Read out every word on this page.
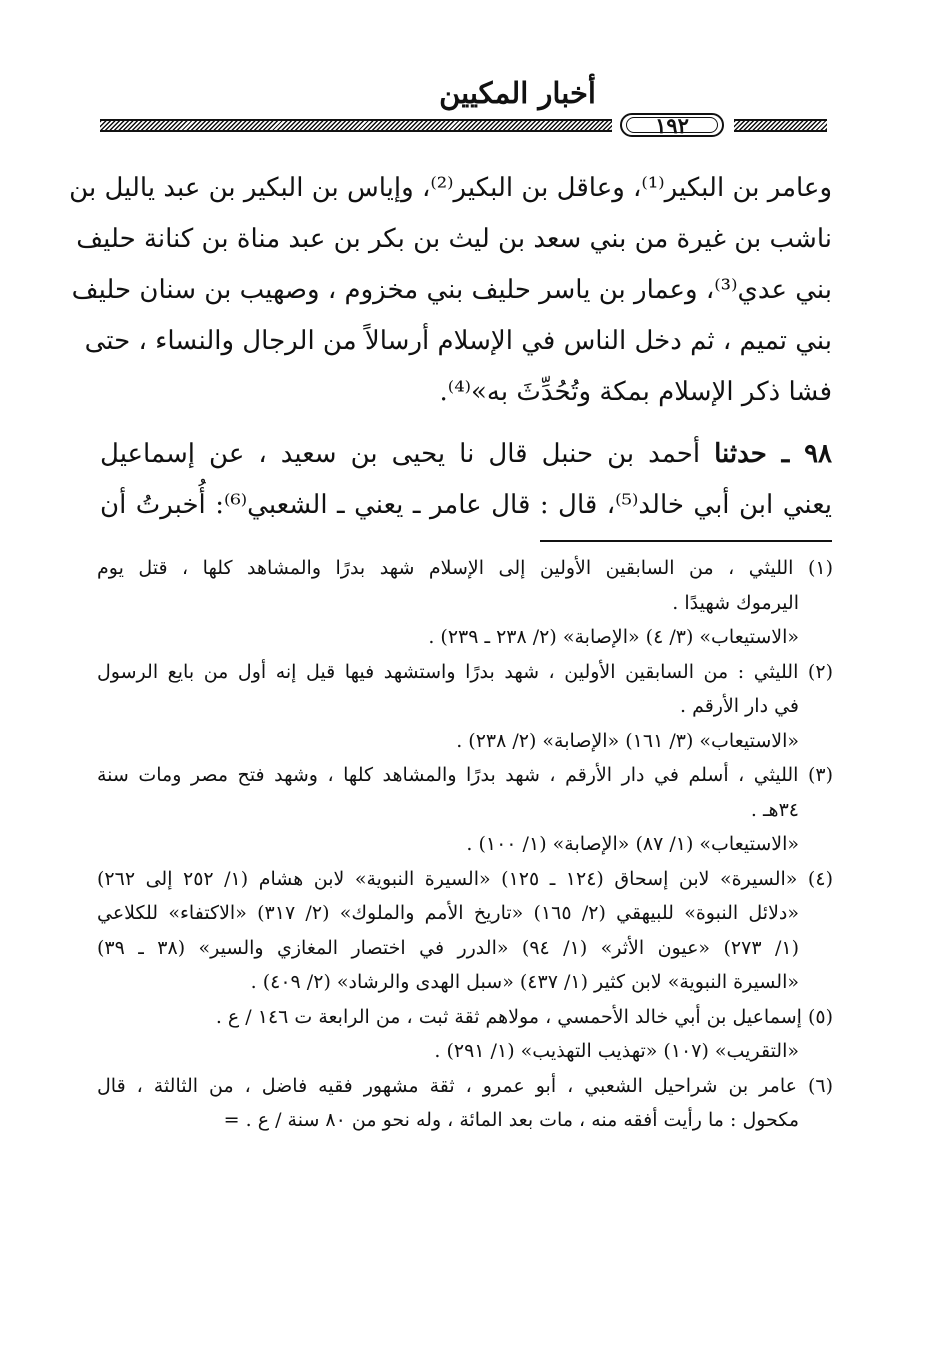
أخبار المكيين
١٩٢
وعامر بن البكير⁽¹⁾، وعاقل بن البكير⁽²⁾، وإياس بن البكير بن عبد ياليل بن
ناشب بن غيرة من بني سعد بن ليث بن بكر بن عبد مناة بن كنانة حليف
بني عدي⁽³⁾، وعمار بن ياسر حليف بني مخزوم ، وصهيب بن سنان حليف
بني تميم ، ثم دخل الناس في الإسلام أرسالاً من الرجال والنساء ، حتى
فشا ذكر الإسلام بمكة وتُحُدِّثَ به»⁽⁴⁾.
٩٨ ـ حدثنا أحمد بن حنبل قال نا يحيى بن سعيد ، عن إسماعيل
يعني ابن أبي خالد⁽⁵⁾، قال : قال عامر ـ يعني ـ الشعبي⁽⁶⁾: أُخبرتُ أن
(١) الليثي ، من السابقين الأولين إلى الإسلام شهد بدرًا والمشاهد كلها ، قتل يوم
اليرموك شهيدًا .
«الاستيعاب» (٣/ ٤) «الإصابة» (٢/ ٢٣٨ ـ ٢٣٩) .
(٢) الليثي : من السابقين الأولين ، شهد بدرًا واستشهد فيها قيل إنه أول من بايع الرسول
في دار الأرقم .
«الاستيعاب» (٣/ ١٦١) «الإصابة» (٢/ ٢٣٨) .
(٣) الليثي ، أسلم في دار الأرقم ، شهد بدرًا والمشاهد كلها ، وشهد فتح مصر ومات سنة
٣٤هـ .
«الاستيعاب» (١/ ٨٧) «الإصابة» (١/ ١٠٠) .
(٤) «السيرة» لابن إسحاق (١٢٤ ـ ١٢٥) «السيرة النبوية» لابن هشام (١/ ٢٥٢ إلى ٢٦٢)
«دلائل النبوة» للبيهقي (٢/ ١٦٥) «تاريخ الأمم والملوك» (٢/ ٣١٧) «الاكتفاء» للكلاعي
(١/ ٢٧٣) «عيون الأثر» (١/ ٩٤) «الدرر في اختصار المغازي والسير» (٣٨ ـ ٣٩)
«السيرة النبوية» لابن كثير (١/ ٤٣٧) «سبل الهدى والرشاد» (٢/ ٤٠٩) .
(٥) إسماعيل بن أبي خالد الأحمسي ، مولاهم ثقة ثبت ، من الرابعة ت ١٤٦ / ع .
«التقريب» (١٠٧) «تهذيب التهذيب» (١/ ٢٩١) .
(٦) عامر بن شراحيل الشعبي ، أبو عمرو ، ثقة مشهور فقيه فاضل ، من الثالثة ، قال
مكحول : ما رأيت أفقه منه ، مات بعد المائة ، وله نحو من ٨٠ سنة / ع . =
